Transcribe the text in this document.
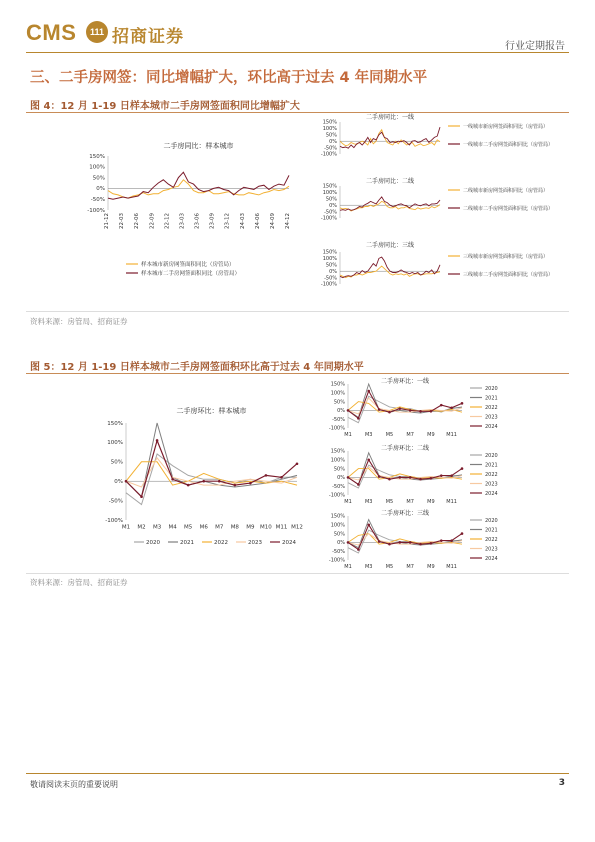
CMS	111 招商证券	行业定期报告
三、二手房网签：同比增幅扩大，环比高于过去 4 年同期水平
图 4：12 月 1-19 日样本城市二手房网签面积同比增幅扩大
二手房同比：样本城市
150%
100%
50%
0%
-50%
-100%
21-12 22-03 22-06 22-09 22-12 23-03 23-06 23-09 23-12 24-03 24-06 24-09 24-12
样本城市新房网签面积同比（房管局）
样本城市二手房网签面积同比（房管局）
二手房同比：一线
150%
100%
50%
0%
-50%
-100%
一线城市新房网签面积同比（房管局）
一线城市二手房网签面积同比（房管局）
二手房同比：二线
150%
100%
50%
0%
-50%
-100%
二线城市新房网签面积同比（房管局）
二线城市二手房网签面积同比（房管局）
二手房同比：三线
150%
100%
50%
0%
-50%
-100%
三线城市新房网签面积同比（房管局）
三线城市二手房网签面积同比（房管局）
资料来源：房管局、招商证券
图 5：12 月 1-19 日样本城市二手房网签面积环比高于过去 4 年同期水平
二手房环比：样本城市
150%
100%
50%
0%
-50%
-100%
M1 M2 M3 M4 M5 M6 M7 M8 M9 M10 M11 M12
2020	2021	2022	2023	2024
二手房环比：一线
150%
100%
50%
0%
-50%
-100%
M1	M3	M5	M7	M9 M11
2020
2021
2022
2023
2024
二手房环比：二线
150%
100%
50%
0%
-50%
-100%
M1	M3	M5	M7	M9 M11
2020
2021
2022
2023
2024
二手房环比：三线
150%
100%
50%
0%
-50%
-100%
M1	M3	M5	M7	M9 M11
2020
2021
2022
2023
2024
资料来源：房管局、招商证券
敬请阅读末页的重要说明	3
